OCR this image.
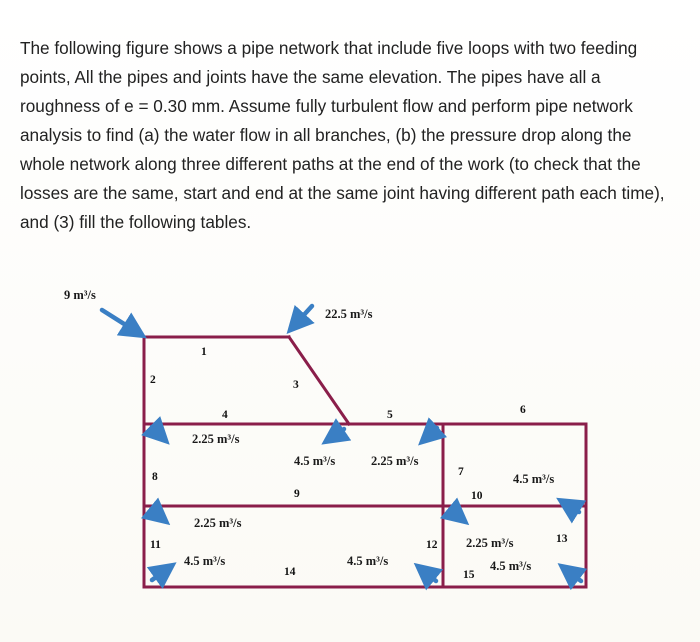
The following figure shows a pipe network that include five loops with two feeding
points, All the pipes and joints have the same elevation. The pipes have all a
roughness of e = 0.30 mm. Assume fully turbulent flow and perform pipe network
analysis to find (a) the water flow in all branches, (b) the pressure drop along the
whole network along three different paths at the end of the work (to check that the
losses are the same, start and end at the same joint having different path each time),
and (3) fill the following tables.

9 m³/s
22.5 m³/s
2.25 m³/s
4.5 m³/s	2.25 m³/s
4.5 m³/s
2.25 m³/s
4.5 m³/s	4.5 m³/s
2.25 m³/s
4.5 m³/s
1
2	3
4	5	6
7
8
9	10
11	12	13
14	15
